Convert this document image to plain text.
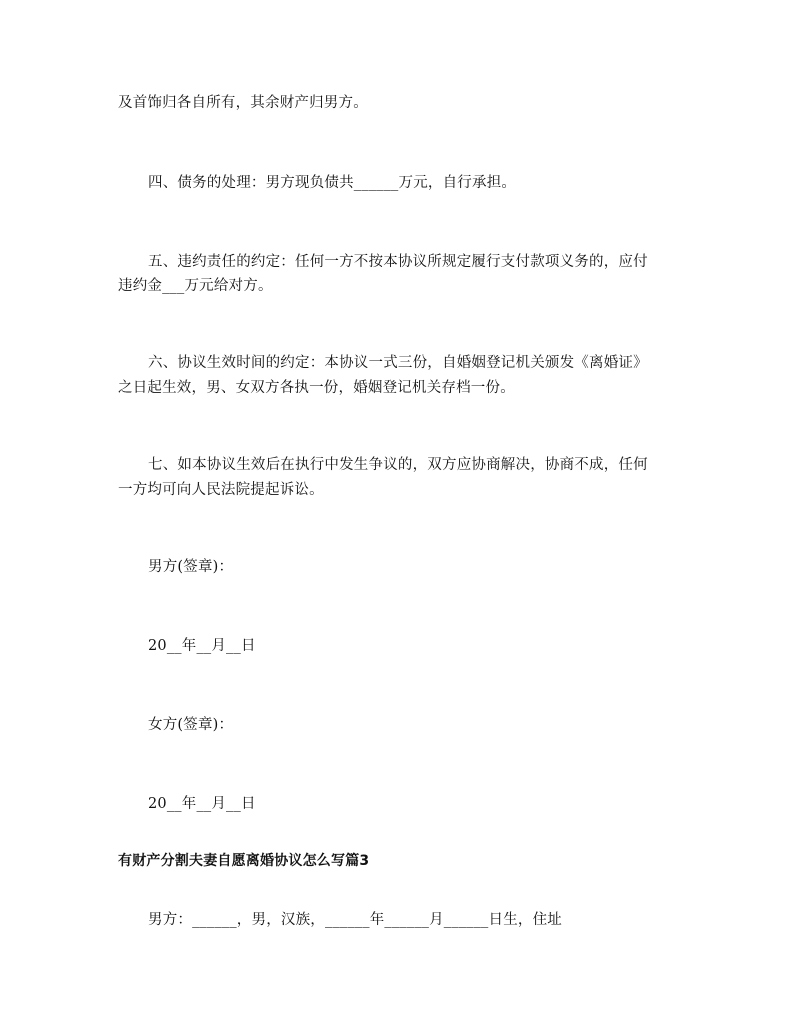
及首饰归各自所有，其余财产归男方。
四、债务的处理：男方现负债共______万元，自行承担。
五、违约责任的约定：任何一方不按本协议所规定履行支付款项义务的，应付
违约金___万元给对方。
六、协议生效时间的约定：本协议一式三份，自婚姻登记机关颁发《离婚证》
之日起生效，男、女双方各执一份，婚姻登记机关存档一份。
七、如本协议生效后在执行中发生争议的，双方应协商解决，协商不成，任何
一方均可向人民法院提起诉讼。
男方(签章)：
20__年__月__日
女方(签章)：
20__年__月__日
有财产分割夫妻自愿离婚协议怎么写篇3
男方：______，男，汉族，______年______月______日生，住址
